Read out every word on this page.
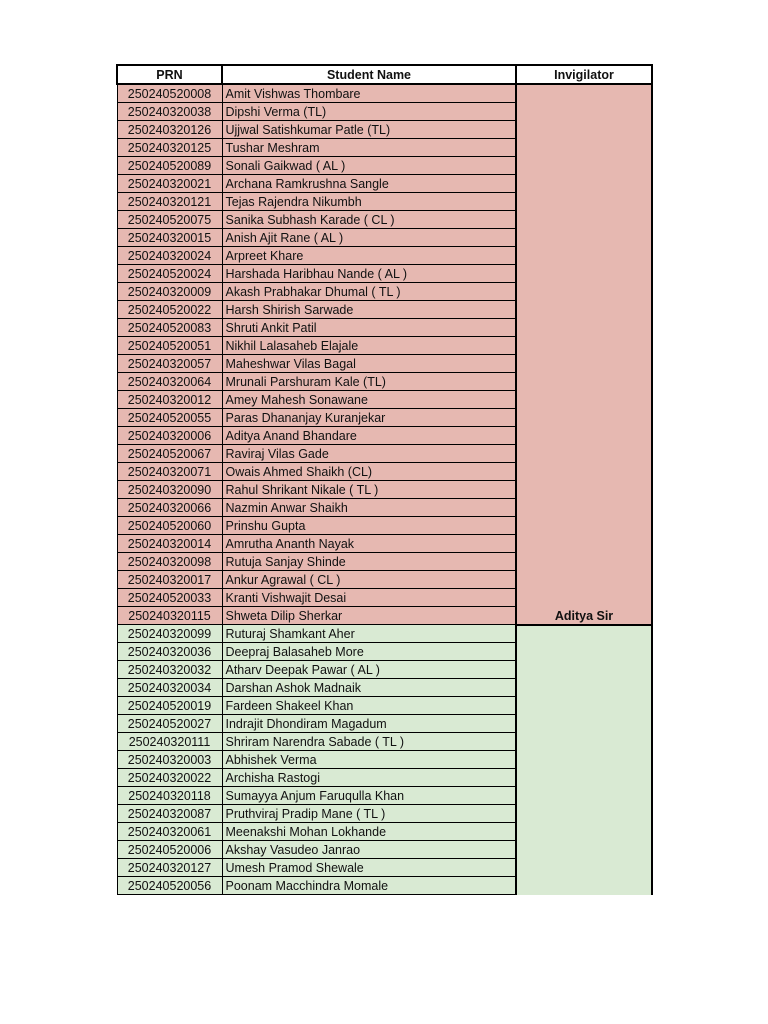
PRN	Student Name	Invigilator
250240520008	Amit Vishwas Thombare	Aditya Sir
250240320038	Dipshi Verma (TL)	
250240320126	Ujjwal Satishkumar Patle (TL)	
250240320125	Tushar Meshram	
250240520089	Sonali Gaikwad ( AL )	
250240320021	Archana Ramkrushna Sangle	
250240320121	Tejas Rajendra Nikumbh	
250240520075	Sanika Subhash Karade ( CL )	
250240320015	Anish Ajit Rane ( AL )	
250240320024	Arpreet Khare	
250240520024	Harshada Haribhau Nande ( AL )	
250240320009	Akash Prabhakar Dhumal ( TL )	
250240520022	Harsh Shirish Sarwade	
250240520083	Shruti Ankit Patil	
250240520051	Nikhil Lalasaheb Elajale	
250240320057	Maheshwar Vilas Bagal	
250240320064	Mrunali Parshuram Kale (TL)	
250240320012	Amey Mahesh Sonawane	
250240520055	Paras Dhananjay Kuranjekar	
250240320006	Aditya Anand Bhandare	
250240520067	Raviraj Vilas Gade	
250240320071	Owais Ahmed Shaikh (CL)	
250240320090	Rahul Shrikant Nikale ( TL )	
250240320066	Nazmin Anwar Shaikh	
250240520060	Prinshu Gupta	
250240320014	Amrutha Ananth Nayak	
250240320098	Rutuja Sanjay Shinde	
250240320017	Ankur Agrawal ( CL )	
250240520033	Kranti Vishwajit Desai	
250240320115	Shweta Dilip Sherkar	
250240320099	Ruturaj Shamkant Aher	
250240320036	Deepraj Balasaheb More	
250240320032	Atharv Deepak Pawar ( AL )	
250240320034	Darshan Ashok Madnaik	
250240520019	Fardeen Shakeel Khan	
250240520027	Indrajit Dhondiram Magadum	
250240320111	Shriram Narendra Sabade ( TL )	
250240320003	Abhishek Verma	
250240320022	Archisha Rastogi	
250240320118	Sumayya Anjum Faruqulla Khan	
250240320087	Pruthviraj Pradip Mane ( TL )	
250240320061	Meenakshi Mohan Lokhande	
250240520006	Akshay Vasudeo Janrao	
250240320127	Umesh Pramod Shewale	
250240520056	Poonam Macchindra Momale	
